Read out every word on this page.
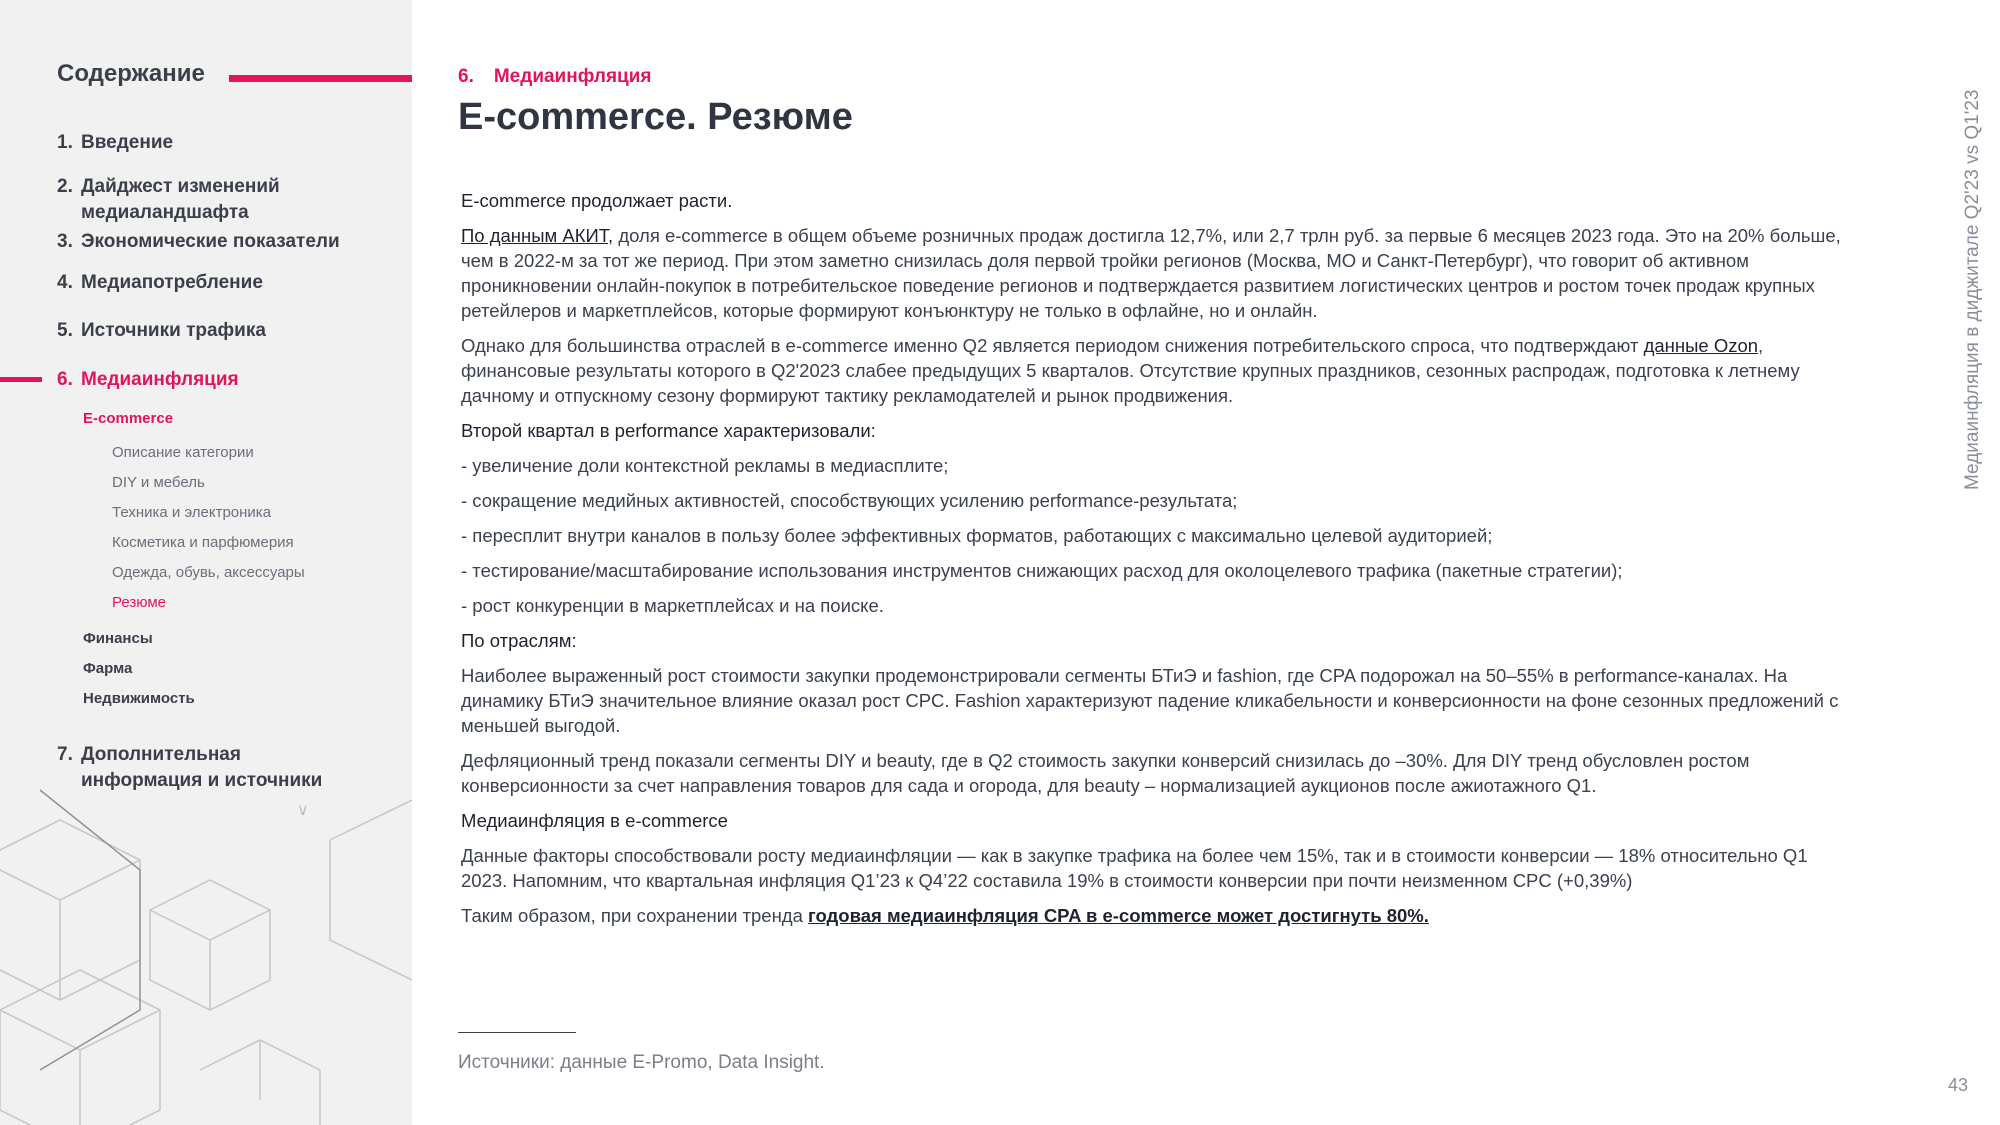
Содержание
1. Введение
2. Дайджест изменений
медиаландшафта
3. Экономические показатели
4. Медиапотребление
5. Источники трафика
6. Медиаинфляция
E-commerce
Описание категории
DIY и мебель
Техника и электроника
Косметика и парфюмерия
Одежда, обувь, аксессуары
Резюме
Финансы
Фарма
Недвижимость
7. Дополнительная
информация и источники
∨
6. Медиаинфляция
E-commerce. Резюме

E-commerce продолжает расти.

По данным АКИТ, доля e-commerce в общем объеме розничных продаж достигла 12,7%, или 2,7 трлн руб. за первые 6 месяцев 2023 года. Это на 20% больше, чем в 2022-м за тот же период. При этом заметно снизилась доля первой тройки регионов (Москва, МО и Санкт-Петербург), что говорит об активном проникновении онлайн-покупок в потребительское поведение регионов и подтверждается развитием логистических центров и ростом точек продаж крупных ретейлеров и маркетплейсов, которые формируют конъюнктуру не только в офлайне, но и онлайн.

Однако для большинства отраслей в e-commerce именно Q2 является периодом снижения потребительского спроса, что подтверждают данные Ozon, финансовые результаты которого в Q2'2023 слабее предыдущих 5 кварталов. Отсутствие крупных праздников, сезонных распродаж, подготовка к летнему дачному и отпускному сезону формируют тактику рекламодателей и рынок продвижения.

Второй квартал в performance характеризовали:

- увеличение доли контекстной рекламы в медиасплите;

- сокращение медийных активностей, способствующих усилению performance-результата;

- пересплит внутри каналов в пользу более эффективных форматов, работающих с максимально целевой аудиторией;

- тестирование/масштабирование использования инструментов снижающих расход для околоцелевого трафика (пакетные стратегии);

- рост конкуренции в маркетплейсах и на поиске.

По отраслям:

Наиболее выраженный рост стоимости закупки продемонстрировали сегменты БТиЭ и fashion, где CPA подорожал на 50–55% в performance-каналах. На динамику БТиЭ значительное влияние оказал рост CPC. Fashion характеризуют падение кликабельности и конверсионности на фоне сезонных предложений с меньшей выгодой.

Дефляционный тренд показали сегменты DIY и beauty, где в Q2 стоимость закупки конверсий снизилась до –30%. Для DIY тренд обусловлен ростом конверсионности за счет направления товаров для сада и огорода, для beauty – нормализацией аукционов после ажиотажного Q1.

Медиаинфляция в e-commerce

Данные факторы способствовали росту медиаинфляции — как в закупке трафика на более чем 15%, так и в стоимости конверсии — 18% относительно Q1 2023. Напомним, что квартальная инфляция Q1’23 к Q4’22 составила 19% в стоимости конверсии при почти неизменном CPC (+0,39%)

Таким образом, при сохранении тренда годовая медиаинфляция CPA в e-commerce может достигнуть 80%.

Источники: данные E-Promo, Data Insight.
Медиаинфляция в диджитале Q2'23 vs Q1'23
43
